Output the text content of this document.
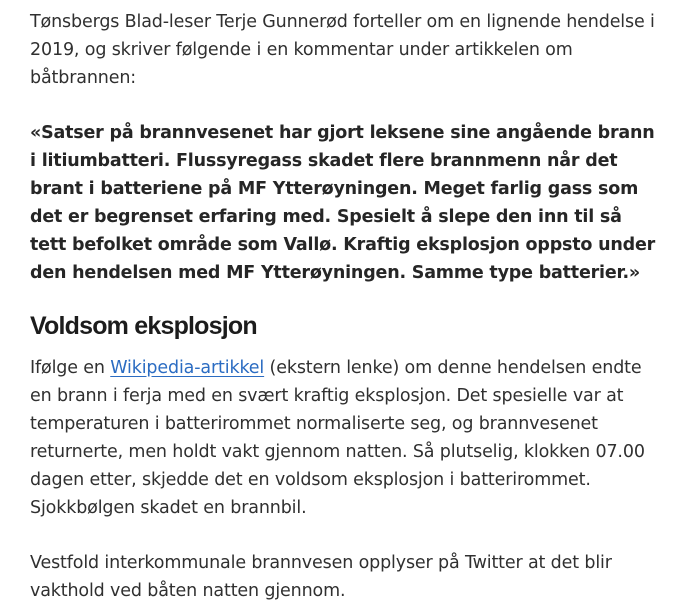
Tønsbergs Blad-leser Terje Gunnerød forteller om en lignende hendelse i 2019, og skriver følgende i en kommentar under artikkelen om båtbrannen:

«Satser på brannvesenet har gjort leksene sine angående brann i litiumbatteri. Flussyregass skadet flere brannmenn når det brant i batteriene på MF Ytterøyningen. Meget farlig gass som det er begrenset erfaring med. Spesielt å slepe den inn til så tett befolket område som Vallø. Kraftig eksplosjon oppsto under den hendelsen med MF Ytterøyningen. Samme type batterier.»

Voldsom eksplosjon

Ifølge en Wikipedia-artikkel (ekstern lenke) om denne hendelsen endte en brann i ferja med en svært kraftig eksplosjon. Det spesielle var at temperaturen i batterirommet normaliserte seg, og brannvesenet returnerte, men holdt vakt gjennom natten. Så plutselig, klokken 07.00 dagen etter, skjedde det en voldsom eksplosjon i batterirommet. Sjokkbølgen skadet en brannbil.

Vestfold interkommunale brannvesen opplyser på Twitter at det blir vakthold ved båten natten gjennom.
